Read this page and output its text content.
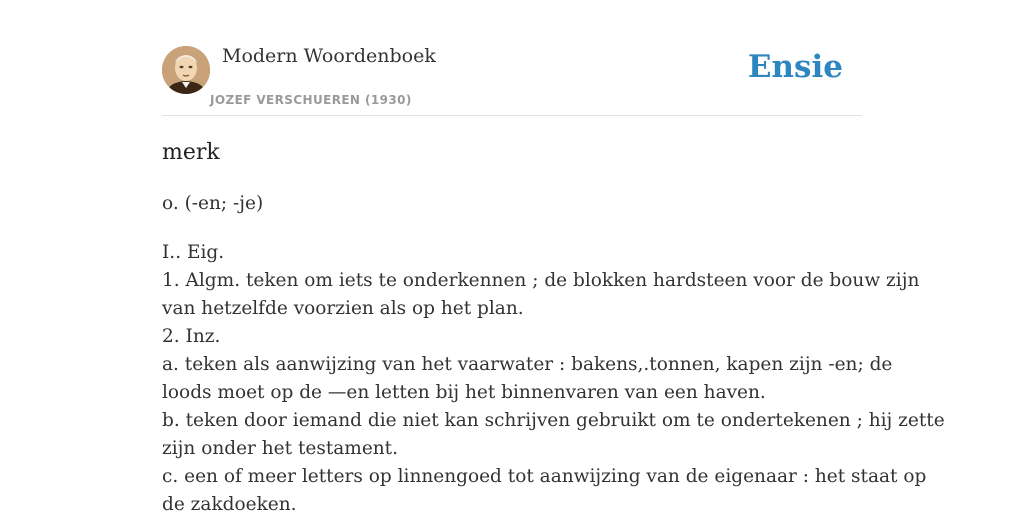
Modern Woordenboek
JOZEF VERSCHUEREN (1930)
Ensie
merk
o. (-en; -je)
I.. Eig.
1. Algm. teken om iets te onderkennen ; de blokken hardsteen voor de bouw zijn
van hetzelfde voorzien als op het plan.
2. Inz.
a. teken als aanwijzing van het vaarwater : bakens,.tonnen, kapen zijn -en; de
loods moet op de —en letten bij het binnenvaren van een haven.
b. teken door iemand die niet kan schrijven gebruikt om te ondertekenen ; hij zette
zijn onder het testament.
c. een of meer letters op linnengoed tot aanwijzing van de eigenaar : het staat op
de zakdoeken.
